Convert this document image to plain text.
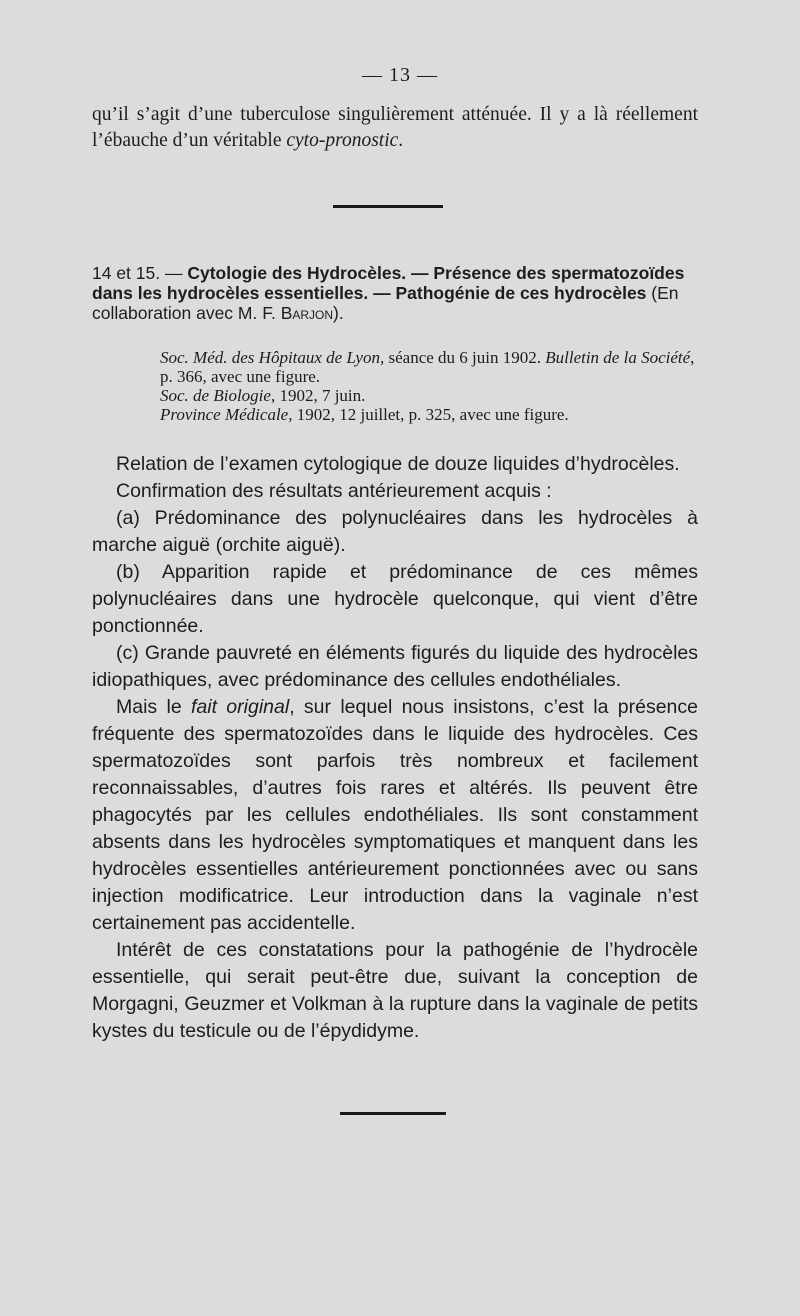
— 13 —
qu’il s’agit d’une tuberculose singulièrement atténuée. Il y a là réellement l’ébauche d’un véritable cyto-pronostic.
14 et 15. — Cytologie des Hydrocèles. — Présence des spermatozoïdes dans les hydrocèles essentielles. — Pathogénie de ces hydrocèles (En collaboration avec M. F. Barjon).
Soc. Méd. des Hôpitaux de Lyon, séance du 6 juin 1902. Bulletin de la Société, p. 366, avec une figure.
Soc. de Biologie, 1902, 7 juin.
Province Médicale, 1902, 12 juillet, p. 325, avec une figure.

Relation de l’examen cytologique de douze liquides d’hydrocèles.

Confirmation des résultats antérieurement acquis :

(a) Prédominance des polynucléaires dans les hydrocèles à marche aiguë (orchite aiguë).

(b) Apparition rapide et prédominance de ces mêmes polynucléaires dans une hydrocèle quelconque, qui vient d’être ponctionnée.

(c) Grande pauvreté en éléments figurés du liquide des hydrocèles idiopathiques, avec prédominance des cellules endothéliales.

Mais le fait original, sur lequel nous insistons, c’est la présence fréquente des spermatozoïdes dans le liquide des hydrocèles. Ces spermatozoïdes sont parfois très nombreux et facilement reconnaissables, d’autres fois rares et altérés. Ils peuvent être phagocytés par les cellules endothéliales. Ils sont constamment absents dans les hydrocèles symptomatiques et manquent dans les hydrocèles essentielles antérieurement ponctionnées avec ou sans injection modificatrice. Leur introduction dans la vaginale n’est certainement pas accidentelle.

Intérêt de ces constatations pour la pathogénie de l’hydrocèle essentielle, qui serait peut-être due, suivant la conception de Morgagni, Geuzmer et Volkman à la rupture dans la vaginale de petits kystes du testicule ou de l’épydidyme.
